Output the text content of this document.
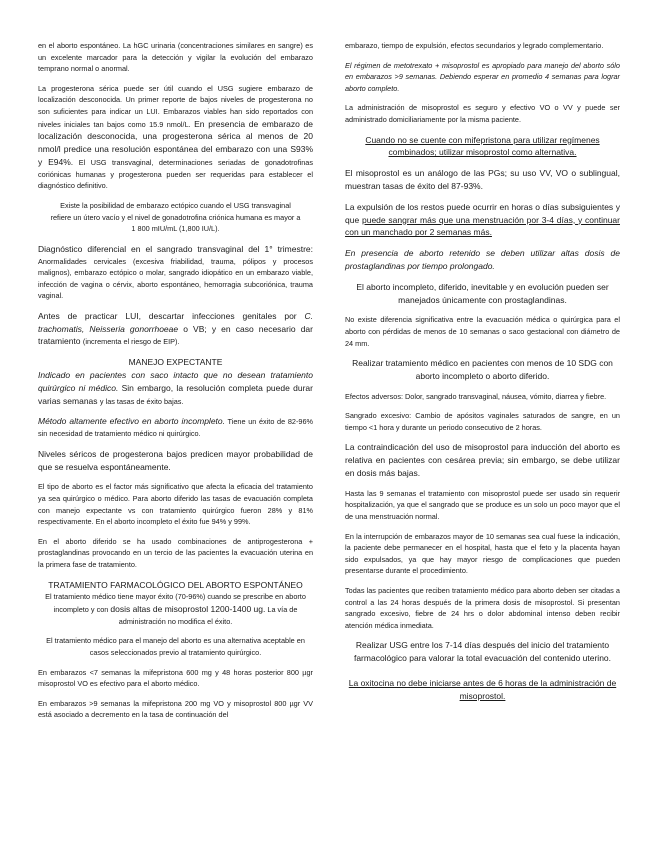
en el aborto espontáneo. La hGC urinaria (concentraciones similares en sangre) es un excelente marcador para la detección y vigilar la evolución del embarazo temprano normal o anormal.

La progesterona sérica puede ser útil cuando el USG sugiere embarazo de localización desconocida. Un primer reporte de bajos niveles de progesterona no son suficientes para indicar un LUI. Embarazos viables han sido reportados con niveles iniciales tan bajos como 15.9 nmol/L. En presencia de embarazo de localización desconocida, una progesterona sérica al menos de 20 nmol/l predice una resolución espontánea del embarazo con una S93% y E94%. El USG transvaginal, determinaciones seriadas de gonadotrofinas coriónicas humanas y progesterona pueden ser requeridas para establecer el diagnóstico definitivo.

Existe la posibilidad de embarazo ectópico cuando el USG transvaginal refiere un útero vacío y el nivel de gonadotrofina criónica humana es mayor a 1 800 mIU/mL (1,800 IU/L).

Diagnóstico diferencial en el sangrado transvaginal del 1° trimestre: Anormalidades cervicales (excesiva friabilidad, trauma, pólipos y procesos malignos), embarazo ectópico o molar, sangrado idiopático en un embarazo viable, infección de vagina o cérvix, aborto espontáneo, hemorragia subcoriónica, trauma vaginal.

Antes de practicar LUI, descartar infecciones genitales por C. trachomatis, Neisseria gonorrhoeae o VB; y en caso necesario dar tratamiento (incrementa el riesgo de EIP).

MANEJO EXPECTANTE

Indicado en pacientes con saco intacto que no desean tratamiento quirúrgico ni médico. Sin embargo, la resolución completa puede durar varias semanas y las tasas de éxito bajas.

Método altamente efectivo en aborto incompleto. Tiene un éxito de 82-96% sin necesidad de tratamiento médico ni quirúrgico.

Niveles séricos de progesterona bajos predicen mayor probabilidad de que se resuelva espontáneamente.

El tipo de aborto es el factor más significativo que afecta la eficacia del tratamiento ya sea quirúrgico o médico. Para aborto diferido las tasas de evacuación completa con manejo expectante vs con tratamiento quirúrgico fueron 28% y 81% respectivamente. En el aborto incompleto el éxito fue 94% y 99%.

En el aborto diferido se ha usado combinaciones de antiprogesterona + prostaglandinas provocando en un tercio de las pacientes la evacuación uterina en la primera fase de tratamiento.

TRATAMIENTO FARMACOLÓGICO DEL ABORTO ESPONTÁNEO

El tratamiento médico tiene mayor éxito (70-96%) cuando se prescribe en aborto incompleto y con dosis altas de misoprostol 1200-1400 ug. La vía de administración no modifica el éxito.

El tratamiento médico para el manejo del aborto es una alternativa aceptable en casos seleccionados previo al tratamiento quirúrgico.

En embarazos <7 semanas la mifepristona 600 mg y 48 horas posterior 800 µgr misoprostol VO es efectivo para el aborto médico.

En embarazos >9 semanas la mifepristona 200 mg VO y misoprostol 800 µgr VV está asociado a decremento en la tasa de continuación del

embarazo, tiempo de expulsión, efectos secundarios y legrado complementario.

El régimen de metotrexato + misoprostol es apropiado para manejo del aborto sólo en embarazos >9 semanas. Debiendo esperar en promedio 4 semanas para lograr aborto completo.

La administración de misoprostol es seguro y efectivo VO o VV y puede ser administrado domiciliariamente por la misma paciente.

Cuando no se cuente con mifepristona para utilizar regímenes combinados; utilizar misoprostol como alternativa.

El misoprostol es un análogo de las PGs; su uso VV, VO o sublingual, muestran tasas de éxito del 87-93%.

La expulsión de los restos puede ocurrir en horas o días subsiguientes y que puede sangrar más que una menstruación por 3-4 días, y continuar con un manchado por 2 semanas más.

En presencia de aborto retenido se deben utilizar altas dosis de prostaglandinas por tiempo prolongado.

El aborto incompleto, diferido, inevitable y en evolución pueden ser manejados únicamente con prostaglandinas.

No existe diferencia significativa entre la evacuación médica o quirúrgica para el aborto con pérdidas de menos de 10 semanas o saco gestacional con diámetro de 24 mm.

Realizar tratamiento médico en pacientes con menos de 10 SDG con aborto incompleto o aborto diferido.

Efectos adversos: Dolor, sangrado transvaginal, náusea, vómito, diarrea y fiebre.

Sangrado excesivo: Cambio de apósitos vaginales saturados de sangre, en un tiempo <1 hora y durante un periodo consecutivo de 2 horas.

La contraindicación del uso de misoprostol para inducción del aborto es relativa en pacientes con cesárea previa; sin embargo, se debe utilizar en dosis más bajas.

Hasta las 9 semanas el tratamiento con misoprostol puede ser usado sin requerir hospitalización, ya que el sangrado que se produce es un solo un poco mayor que el de una menstruación normal.

En la interrupción de embarazos mayor de 10 semanas sea cual fuese la indicación, la paciente debe permanecer en el hospital, hasta que el feto y la placenta hayan sido expulsados, ya que hay mayor riesgo de complicaciones que pueden presentarse durante el procedimiento.

Todas las pacientes que reciben tratamiento médico para aborto deben ser citadas a control a las 24 horas después de la primera dosis de misoprostol. Si presentan sangrado excesivo, fiebre de 24 hrs o dolor abdominal intenso deben recibir atención médica inmediata.

Realizar USG entre los 7-14 días después del inicio del tratamiento farmacológico para valorar la total evacuación del contenido uterino.

La oxitocina no debe iniciarse antes de 6 horas de la administración de misoprostol.
